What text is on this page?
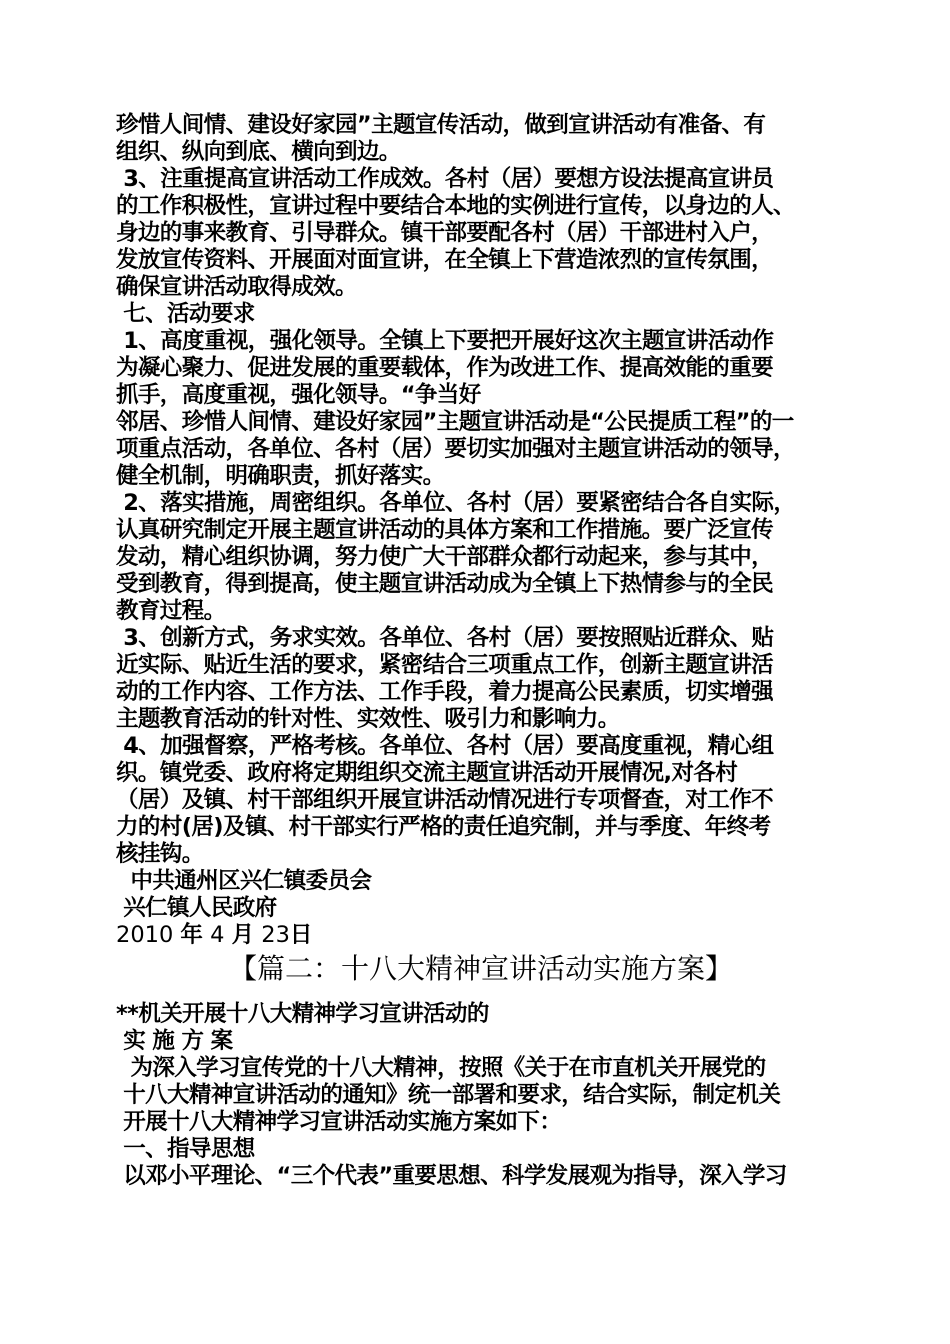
珍惜人间情、建设好家园”主题宣传活动，做到宣讲活动有准备、有
组织、纵向到底、横向到边。
3、注重提高宣讲活动工作成效。各村（居）要想方设法提高宣讲员
的工作积极性，宣讲过程中要结合本地的实例进行宣传，以身边的人、
身边的事来教育、引导群众。镇干部要配各村（居）干部进村入户，
发放宣传资料、开展面对面宣讲，在全镇上下营造浓烈的宣传氛围，
确保宣讲活动取得成效。
七、活动要求
1、高度重视，强化领导。全镇上下要把开展好这次主题宣讲活动作
为凝心聚力、促进发展的重要载体，作为改进工作、提高效能的重要
抓手，高度重视，强化领导。“争当好
邻居、珍惜人间情、建设好家园”主题宣讲活动是“公民提质工程”的一
项重点活动，各单位、各村（居）要切实加强对主题宣讲活动的领导，
健全机制，明确职责，抓好落实。
2、落实措施，周密组织。各单位、各村（居）要紧密结合各自实际，
认真研究制定开展主题宣讲活动的具体方案和工作措施。要广泛宣传
发动，精心组织协调，努力使广大干部群众都行动起来，参与其中，
受到教育，得到提高，使主题宣讲活动成为全镇上下热情参与的全民
教育过程。
3、创新方式，务求实效。各单位、各村（居）要按照贴近群众、贴
近实际、贴近生活的要求，紧密结合三项重点工作，创新主题宣讲活
动的工作内容、工作方法、工作手段，着力提高公民素质，切实增强
主题教育活动的针对性、实效性、吸引力和影响力。
4、加强督察，严格考核。各单位、各村（居）要高度重视，精心组
织。镇党委、政府将定期组织交流主题宣讲活动开展情况,对各村
（居）及镇、村干部组织开展宣讲活动情况进行专项督查，对工作不
力的村(居)及镇、村干部实行严格的责任追究制，并与季度、年终考
核挂钩。
中共通州区兴仁镇委员会
兴仁镇人民政府
2010 年 4 月 23日
【篇二：十八大精神宣讲活动实施方案】
**机关开展十八大精神学习宣讲活动的
实 施 方 案
为深入学习宣传党的十八大精神，按照《关于在市直机关开展党的
十八大精神宣讲活动的通知》统一部署和要求，结合实际，制定机关
开展十八大精神学习宣讲活动实施方案如下：
一、指导思想
以邓小平理论、“三个代表”重要思想、科学发展观为指导，深入学习
